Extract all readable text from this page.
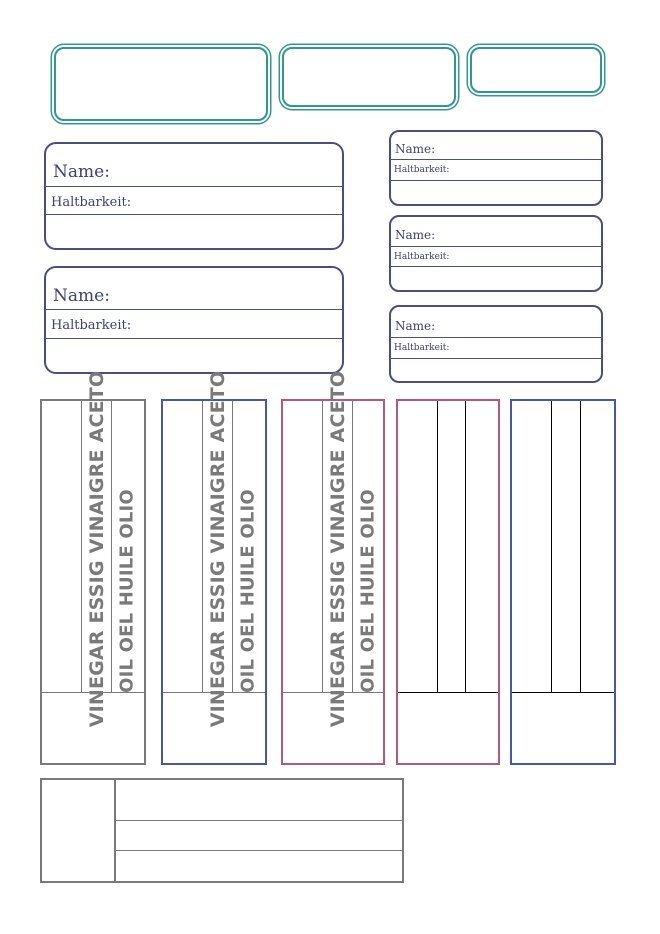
Name:
Haltbarkeit:
Name:
Haltbarkeit:
Name:
Haltbarkeit:
Name:
Haltbarkeit:
Name:
Haltbarkeit:
VINEGAR ESSIG VINAIGRE ACETO OIL OEL HUILE OLIO	VINEGAR ESSIG VINAIGRE ACETO OIL OEL HUILE OLIO	VINEGAR ESSIG VINAIGRE ACETO OIL OEL HUILE OLIO
